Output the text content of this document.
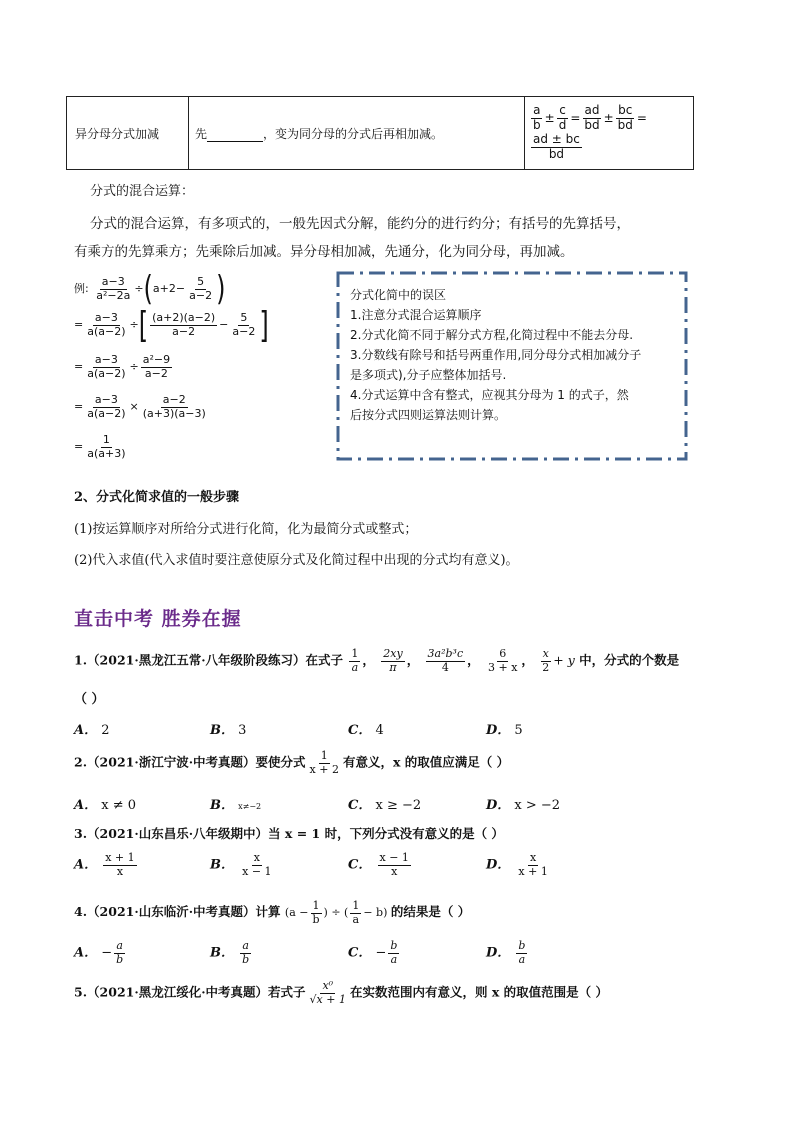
异分母分式加减	先	，变为同分母的分式后再相加减。	
$\frac{a}{b} \pm \frac{c}{d} = \frac{ad}{bd} \pm \frac{bc}{bd}$ =
$\frac{ad \pm bc}{bd}$
分式的混合运算：
分式的混合运算，有多项式的，一般先因式分解，能约分的进行约分；有括号的先算括号，
有乘方的先算乘方；先乘除后加减。异分母相加减，先通分，化为同分母，再加减。
例: $\frac{a-3}{\text{a²−2a}} \div(a+2- \frac{5}{a-2}$ )
= $\frac{a-3}{a(a-2)}$ ÷[ $\frac{(a+2)(a-2)}{a-2} - \frac{5}{a-2}$ ]
= $\frac{a-3}{a(a-2)} \div \frac{\text{a²−9}}{a-2}$
= $\frac{a-3}{a(a-2)} \times \frac{a-2}{(a+3)(a-3)}$
= $\frac{1}{a(a+3)}$
分式化简中的误区
1.注意分式混合运算顺序
2.分式化简不同于解分式方程,化简过程中不能去分母.
3.分数线有除号和括号两重作用,同分母分式相加减分子
是多项式),分子应整体加括号.
4.分式运算中含有整式，应视其分母为 1 的式子，然
后按分式四则运算法则计算。
2、分式化简求值的一般步骤
(1)按运算顺序对所给分式进行化简，化为最简分式或整式；
(2)代入求值(代入求值时要注意使原分式及化简过程中出现的分式均有意义)。
直击中考 胜券在握
1.（2021·黑龙江五常·八年级阶段练习）在式子 $\frac{1}{a}$ ， $\frac{2xy}{\pi}$ ， $\frac{\text{3a²b³c}}{4}$ ， $\frac{6}{3 + x}$ ， $\frac{x}{2} + y$ 中，分式的个数是
（ ）
A． 2	B． 3	C． 4	D． 5
2.（2021·浙江宁波·中考真题）要使分式 $\frac{1}{x + 2}$ 有意义，x 的取值应满足（ ）
A． x ≠ 0	B． x≠−2	C． x ≥ −2	D． x > −2
3.（2021·山东昌乐·八年级期中）当 x = 1 时，下列分式没有意义的是（ ）
A． $\frac{x + 1}{x}$	B． $\frac{x}{x - 1}$	C． $\frac{x - 1}{x}$	D． $\frac{x}{x + 1}$
4.（2021·山东临沂·中考真题）计算 ($a - \frac{1}{b}$ ) ÷ ( $\frac{1}{a} - b$) 的结果是（ ）
A． − $\frac{a}{b}$	B． $\frac{a}{b}$	C． − $\frac{b}{a}$	D． $\frac{b}{a}$
5.（2021·黑龙江绥化·中考真题）若式子 $\frac{\text{x⁰}}{√x + 1}$ 在实数范围内有意义，则 x 的取值范围是（ ）
